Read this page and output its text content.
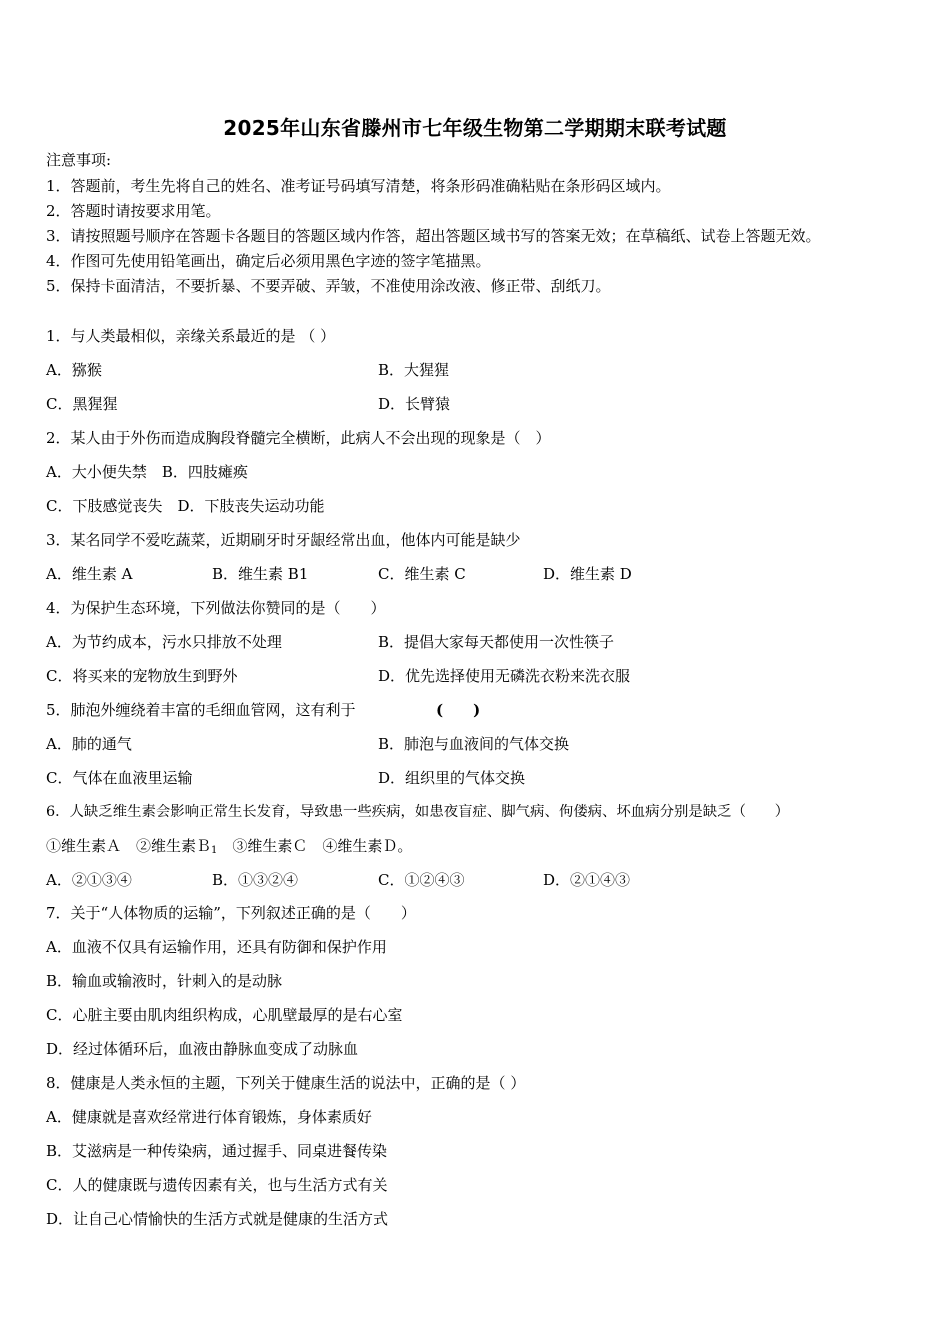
2025年山东省滕州市七年级生物第二学期期末联考试题
注意事项:
1．答题前，考生先将自己的姓名、准考证号码填写清楚，将条形码准确粘贴在条形码区域内。
2．答题时请按要求用笔。
3．请按照题号顺序在答题卡各题目的答题区域内作答，超出答题区域书写的答案无效；在草稿纸、试卷上答题无效。
4．作图可先使用铅笔画出，确定后必须用黑色字迹的签字笔描黑。
5．保持卡面清洁，不要折暴、不要弄破、弄皱，不准使用涂改液、修正带、刮纸刀。
1．与人类最相似，亲缘关系最近的是 （ ）
A．猕猴	B．大猩猩
C．黑猩猩	D．长臂猿
2．某人由于外伤而造成胸段脊髓完全横断，此病人不会出现的现象是（　）
A．大小便失禁　B．四肢瘫痪
C．下肢感觉丧失　D．下肢丧失运动功能
3．某名同学不爱吃蔬菜，近期刷牙时牙龈经常出血，他体内可能是缺少
A．维生素 A	B．维生素 B1	C．维生素 C	D．维生素 D
4．为保护生态环境，下列做法你赞同的是（　　）
A．为节约成本，污水只排放不处理	B．提倡大家每天都使用一次性筷子
C．将买来的宠物放生到野外	D．优先选择使用无磷洗衣粉来洗衣服
5．肺泡外缠绕着丰富的毛细血管网，这有利于	(　　)
A．肺的通气	B．肺泡与血液间的气体交换
C．气体在血液里运输	D．组织里的气体交换
6．人缺乏维生素会影响正常生长发育，导致患一些疾病，如患夜盲症、脚气病、佝偻病、坏血病分别是缺乏（　　）
①维生素Ａ　②维生素Ｂ$_1$　③维生素Ｃ　④维生素Ｄ。
A．②①③④	B．①③②④	C．①②④③	D．②①④③
7．关于“人体物质的运输”，下列叙述正确的是（　　）
A．血液不仅具有运输作用，还具有防御和保护作用
B．输血或输液时，针刺入的是动脉
C．心脏主要由肌肉组织构成，心肌壁最厚的是右心室
D．经过体循环后，血液由静脉血变成了动脉血
8．健康是人类永恒的主题，下列关于健康生活的说法中，正确的是（ ）
A．健康就是喜欢经常进行体育锻炼，身体素质好
B．艾滋病是一种传染病，通过握手、同桌进餐传染
C．人的健康既与遗传因素有关，也与生活方式有关
D．让自己心情愉快的生活方式就是健康的生活方式
